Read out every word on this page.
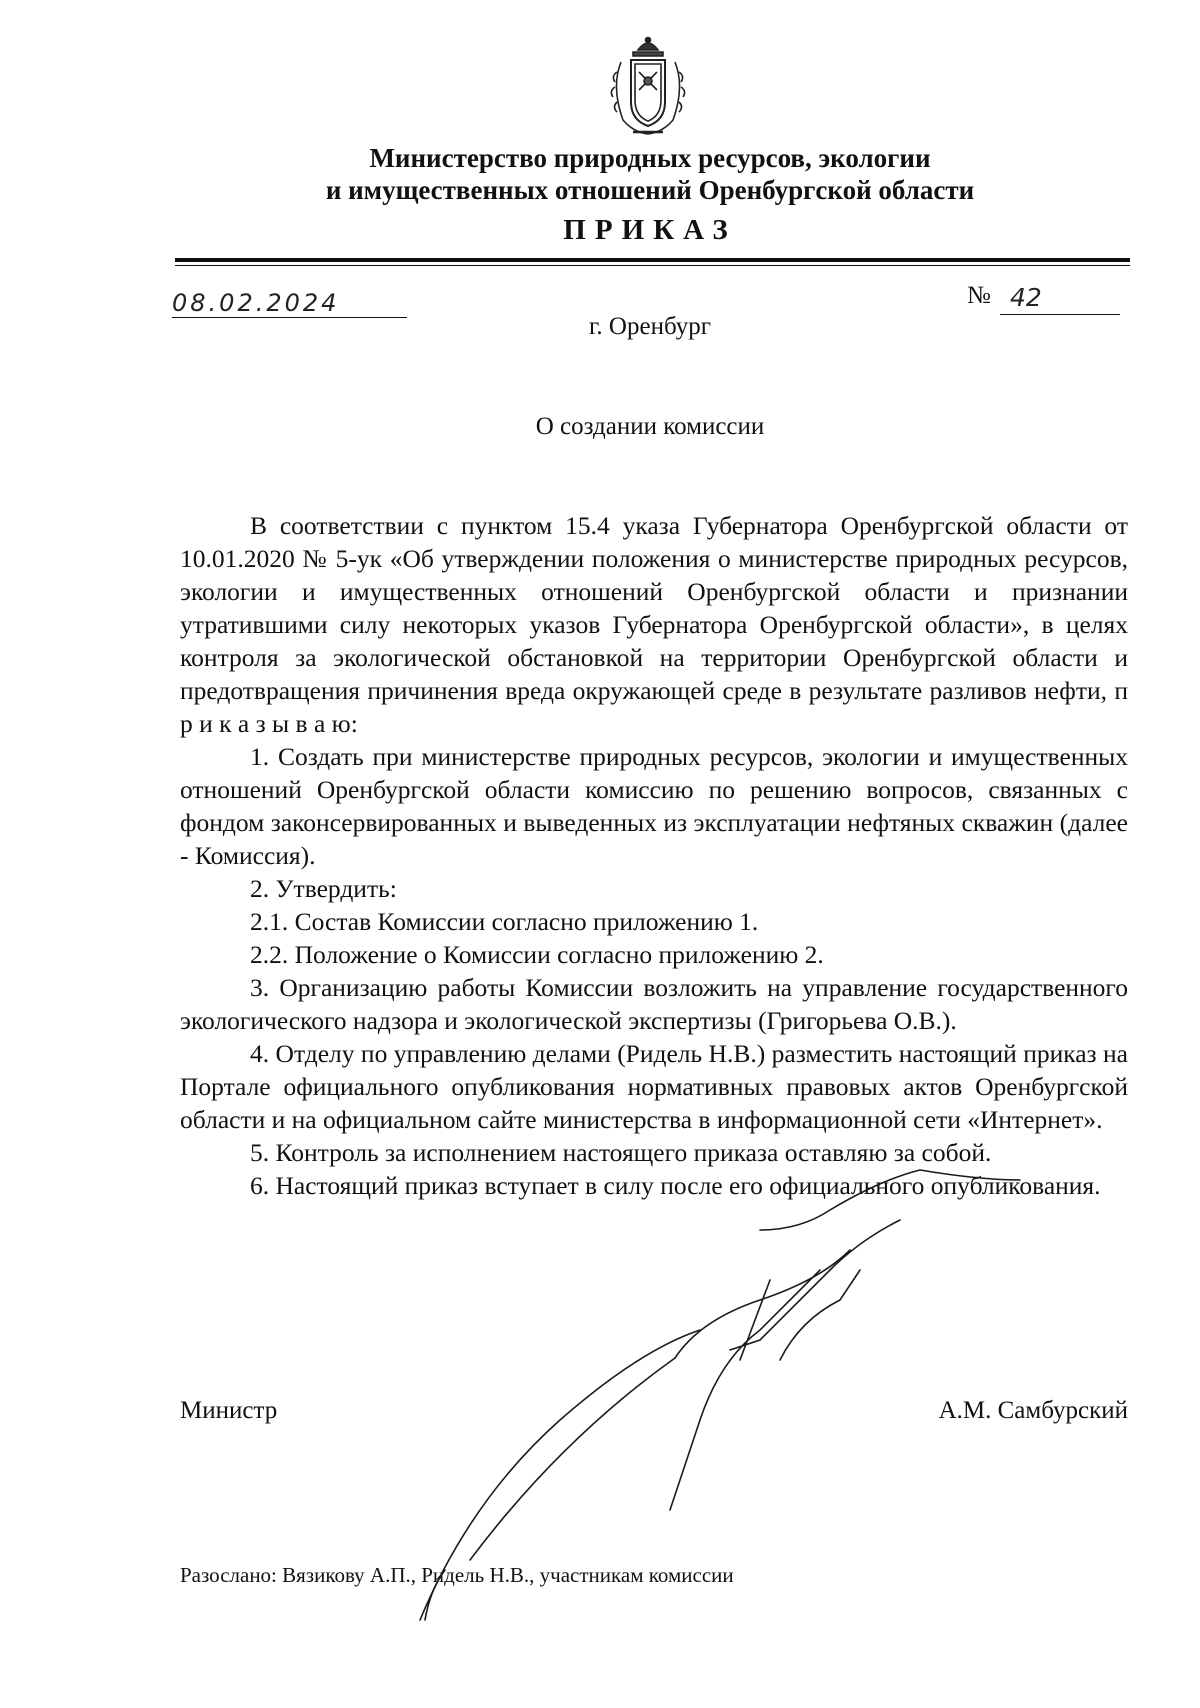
Министерство природных ресурсов, экологии
и имущественных отношений Оренбургской области
ПРИКАЗ
08.02.2024	№ 42
г. Оренбург
О создании комиссии

В соответствии с пунктом 15.4 указа Губернатора Оренбургской области от 10.01.2020 № 5-ук «Об утверждении положения о министерстве природных ресурсов, экологии и имущественных отношений Оренбургской области и признании утратившими силу некоторых указов Губернатора Оренбургской области», в целях контроля за экологической обстановкой на территории Оренбургской области и предотвращения причинения вреда окружающей среде в результате разливов нефти, п р и к а з ы в а ю:

1. Создать при министерстве природных ресурсов, экологии и имущественных отношений Оренбургской области комиссию по решению вопросов, связанных с фондом законсервированных и выведенных из эксплуатации нефтяных скважин (далее - Комиссия).

2. Утвердить:

2.1. Состав Комиссии согласно приложению 1.

2.2. Положение о Комиссии согласно приложению 2.

3. Организацию работы Комиссии возложить на управление государственного экологического надзора и экологической экспертизы (Григорьева О.В.).

4. Отделу по управлению делами (Ридель Н.В.) разместить настоящий приказ на Портале официального опубликования нормативных правовых актов Оренбургской области и на официальном сайте министерства в информационной сети «Интернет».

5. Контроль за исполнением настоящего приказа оставляю за собой.

6. Настоящий приказ вступает в силу после его официального опубликования.

Министр	А.М. Самбурский
Разослано: Вязикову А.П., Ридель Н.В., участникам комиссии
